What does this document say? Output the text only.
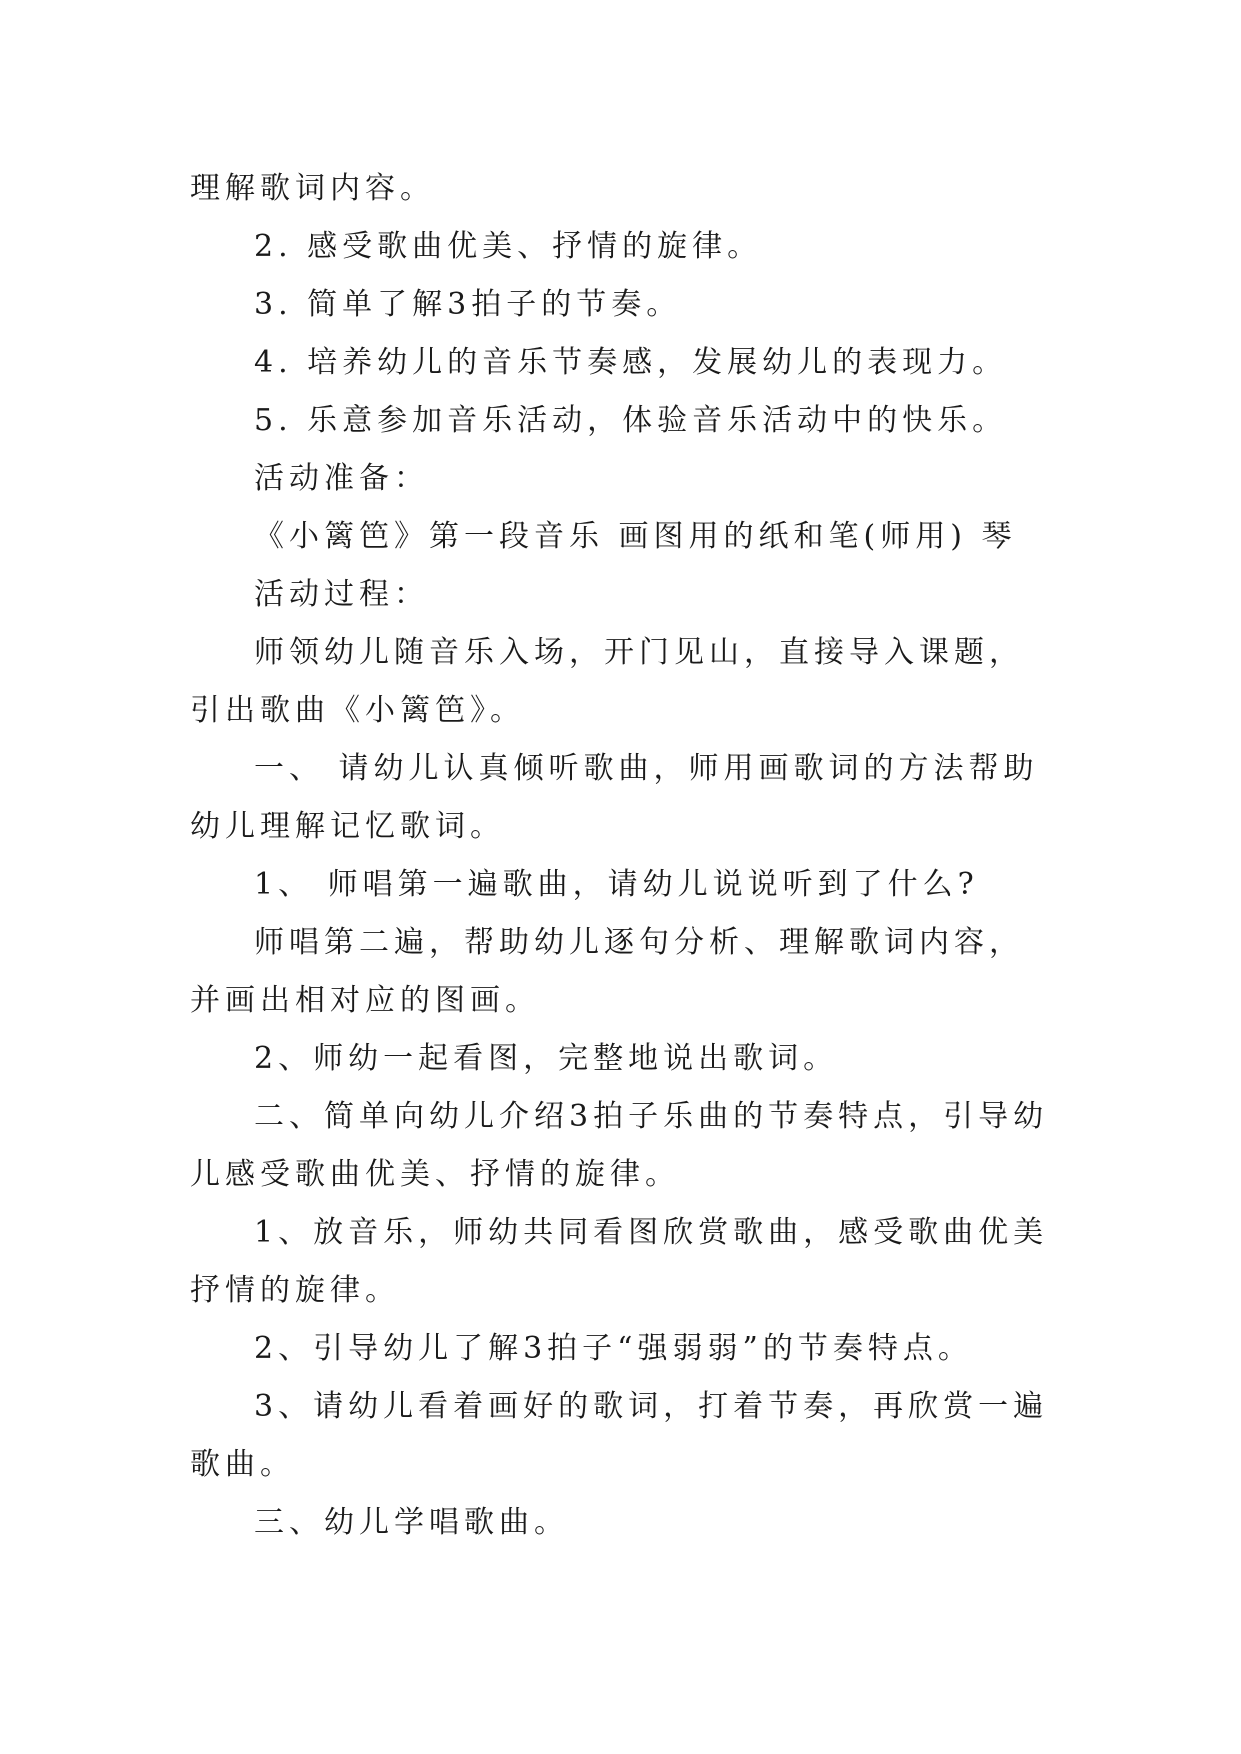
理解歌词内容。

2. 感受歌曲优美、抒情的旋律。

3. 简单了解3拍子的节奏。

4. 培养幼儿的音乐节奏感，发展幼儿的表现力。

5. 乐意参加音乐活动，体验音乐活动中的快乐。

活动准备：

《小篱笆》第一段音乐 画图用的纸和笔(师用) 琴

活动过程：

师领幼儿随音乐入场，开门见山，直接导入课题，引出歌曲《小篱笆》。

一、 请幼儿认真倾听歌曲，师用画歌词的方法帮助幼儿理解记忆歌词。

1、 师唱第一遍歌曲，请幼儿说说听到了什么?

师唱第二遍，帮助幼儿逐句分析、理解歌词内容，并画出相对应的图画。

2、师幼一起看图，完整地说出歌词。

二、简单向幼儿介绍3拍子乐曲的节奏特点，引导幼儿感受歌曲优美、抒情的旋律。

1、放音乐，师幼共同看图欣赏歌曲，感受歌曲优美抒情的旋律。

2、引导幼儿了解3拍子“强弱弱”的节奏特点。

3、请幼儿看着画好的歌词，打着节奏，再欣赏一遍歌曲。

三、幼儿学唱歌曲。
